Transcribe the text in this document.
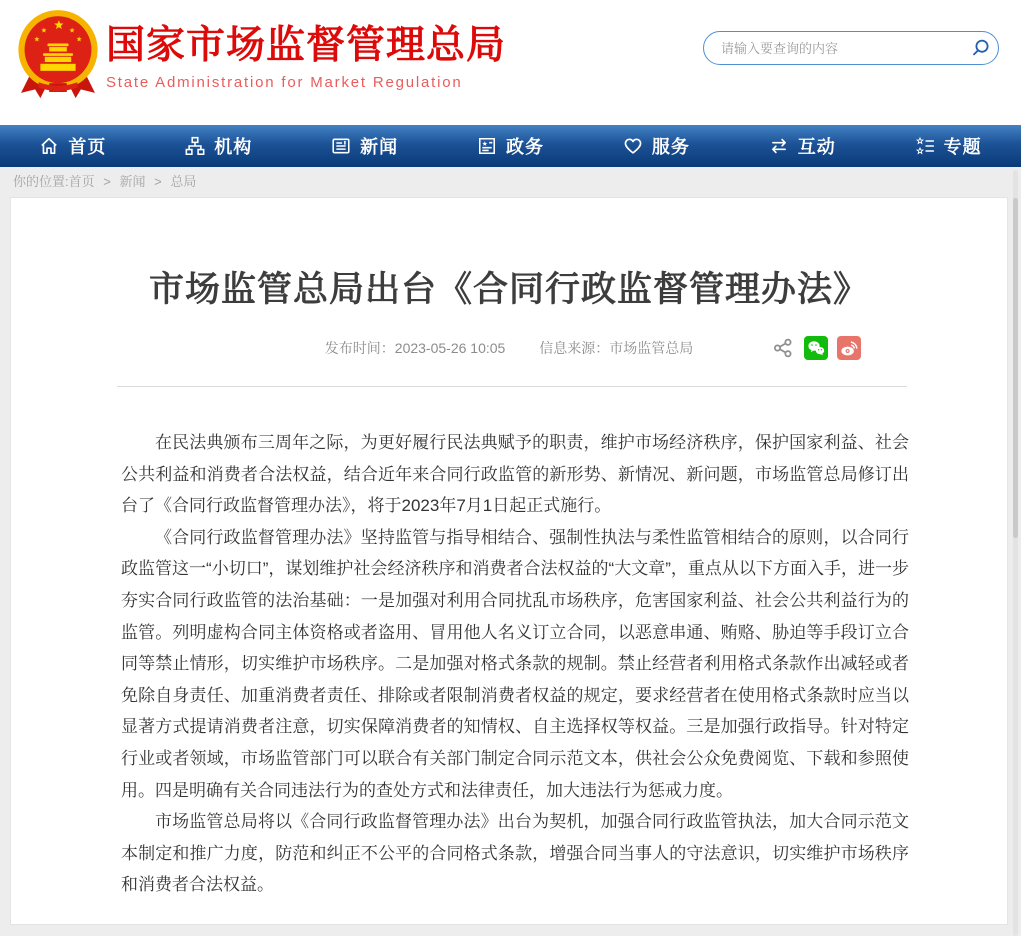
国家市场监督管理总局
State Administration for Market Regulation
请输入要查询的内容
首页	机构	新闻	政务	服务	互动	专题
你的位置:首页 > 新闻 > 总局
市场监管总局出台《合同行政监督管理办法》
发布时间：2023-05-26 10:05 信息来源：市场监管总局

在民法典颁布三周年之际，为更好履行民法典赋予的职责，维护市场经济秩序，保护国家利益、社会公共利益和消费者合法权益，结合近年来合同行政监管的新形势、新情况、新问题，市场监管总局修订出台了《合同行政监督管理办法》，将于2023年7月1日起正式施行。

《合同行政监督管理办法》坚持监管与指导相结合、强制性执法与柔性监管相结合的原则，以合同行政监管这一“小切口”，谋划维护社会经济秩序和消费者合法权益的“大文章”，重点从以下方面入手，进一步夯实合同行政监管的法治基础：一是加强对利用合同扰乱市场秩序，危害国家利益、社会公共利益行为的监管。列明虚构合同主体资格或者盗用、冒用他人名义订立合同，以恶意串通、贿赂、胁迫等手段订立合同等禁止情形，切实维护市场秩序。二是加强对格式条款的规制。禁止经营者利用格式条款作出减轻或者免除自身责任、加重消费者责任、排除或者限制消费者权益的规定，要求经营者在使用格式条款时应当以显著方式提请消费者注意，切实保障消费者的知情权、自主选择权等权益。三是加强行政指导。针对特定行业或者领域，市场监管部门可以联合有关部门制定合同示范文本，供社会公众免费阅览、下载和参照使用。四是明确有关合同违法行为的查处方式和法律责任，加大违法行为惩戒力度。

市场监管总局将以《合同行政监督管理办法》出台为契机，加强合同行政监管执法，加大合同示范文本制定和推广力度，防范和纠正不公平的合同格式条款，增强合同当事人的守法意识，切实维护市场秩序和消费者合法权益。
